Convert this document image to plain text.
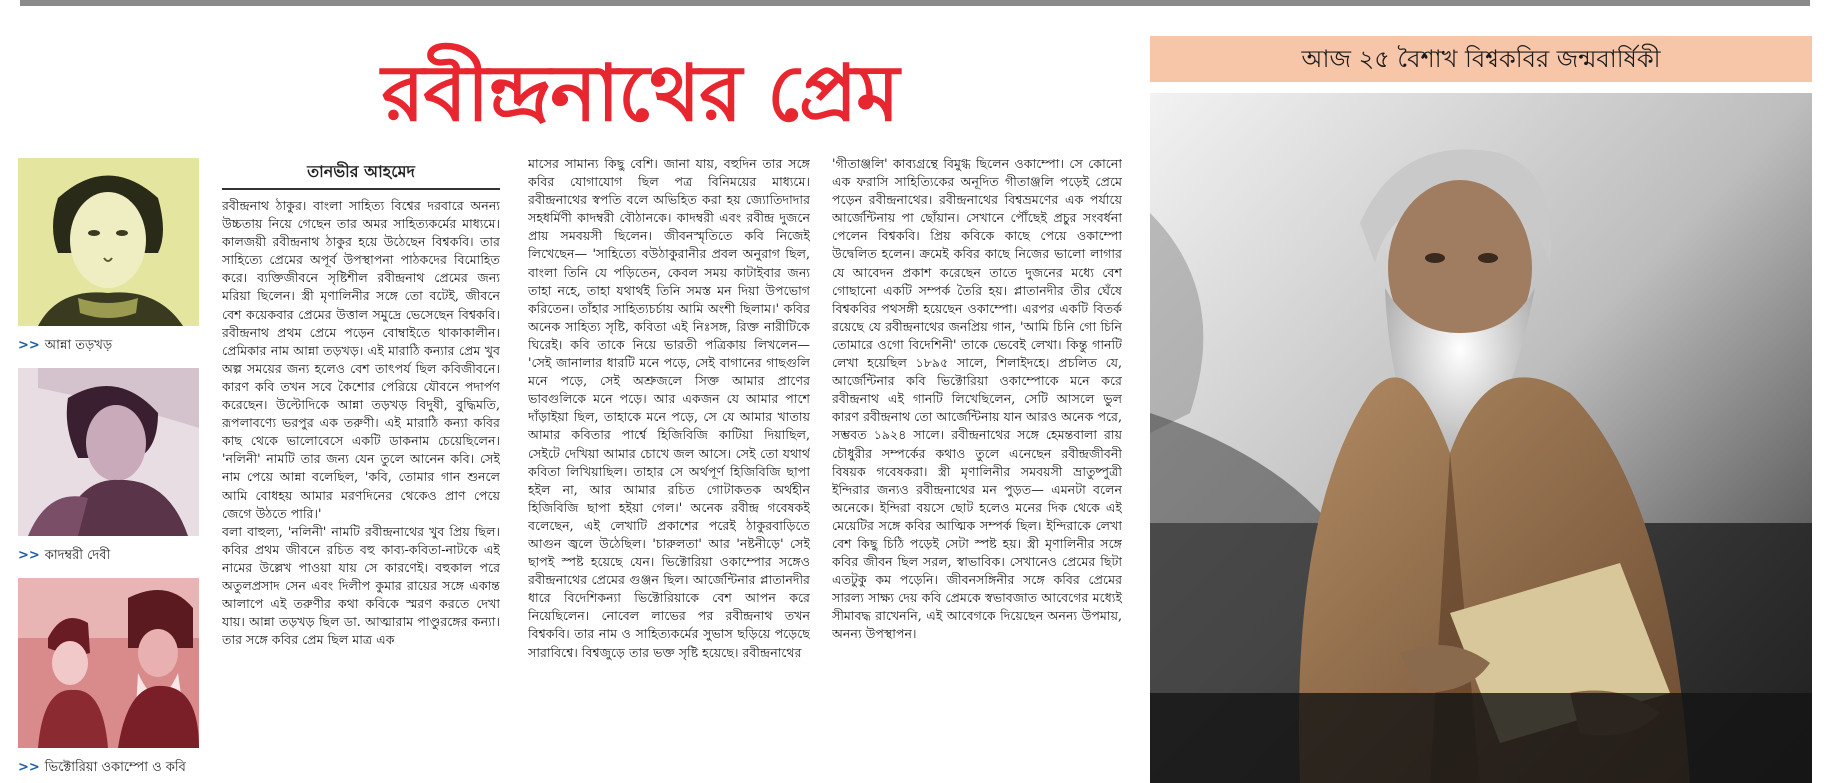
রবীন্দ্রনাথের প্রেম
>> আন্না তড়খড়
>> কাদম্বরী দেবী
>> ভিক্টোরিয়া ওকাম্পো ও কবি
তানভীর আহমেদ

রবীন্দ্রনাথ ঠাকুর। বাংলা সাহিত্য বিশ্বের দরবারে অনন্য উচ্চতায় নিয়ে গেছেন তার অমর সাহিত্যকর্মের মাধ্যমে। কালজয়ী রবীন্দ্রনাথ ঠাকুর হয়ে উঠেছেন বিশ্বকবি। তার সাহিত্যে প্রেমের অপূর্ব উপস্থাপনা পাঠকদের বিমোহিত করে। ব্যক্তিজীবনে সৃষ্টিশীল রবীন্দ্রনাথ প্রেমের জন্য মরিয়া ছিলেন। স্ত্রী মৃণালিনীর সঙ্গে তো বটেই, জীবনে বেশ কয়েকবার প্রেমের উত্তাল সমুদ্রে ভেসেছেন বিশ্বকবি। রবীন্দ্রনাথ প্রথম প্রেমে পড়েন বোম্বাইতে থাকাকালীন। প্রেমিকার নাম আন্না তড়খড়। এই মারাঠি কন্যার প্রেম খুব অল্প সময়ের জন্য হলেও বেশ তাৎপর্য ছিল কবিজীবনে। কারণ কবি তখন সবে কৈশোর পেরিয়ে যৌবনে পদার্পণ করেছেন। উল্টোদিকে আন্না তড়খড় বিদুষী, বুদ্ধিমতি, রূপলাবণ্যে ভরপুর এক তরুণী। এই মারাঠি কন্যা কবির কাছ থেকে ভালোবেসে একটি ডাকনাম চেয়েছিলেন। 'নলিনী' নামটি তার জন্য যেন তুলে আনেন কবি। সেই নাম পেয়ে আন্না বলেছিল, 'কবি, তোমার গান শুনলে আমি বোধহয় আমার মরণদিনের থেকেও প্রাণ পেয়ে জেগে উঠতে পারি।'

বলা বাহুল্য, 'নলিনী' নামটি রবীন্দ্রনাথের খুব প্রিয় ছিল। কবির প্রথম জীবনে রচিত বহু কাব্য-কবিতা-নাটকে এই নামের উল্লেখ পাওয়া যায় সে কারণেই। বহুকাল পরে অতুলপ্রসাদ সেন এবং দিলীপ কুমার রায়ের সঙ্গে একান্ত আলাপে এই তরুণীর কথা কবিকে স্মরণ করতে দেখা যায়। আন্না তড়খড় ছিল ডা. আত্মারাম পাণ্ডুরঙ্গের কন্যা। তার সঙ্গে কবির প্রেম ছিল মাত্র এক

মাসের সামান্য কিছু বেশি। জানা যায়, বহুদিন তার সঙ্গে কবির যোগাযোগ ছিল পত্র বিনিময়ের মাধ্যমে। রবীন্দ্রনাথের স্বপতি বলে অভিহিত করা হয় জ্যোতিদাদার সহধর্মিণী কাদম্বরী বৌঠানকে। কাদম্বরী এবং রবীন্দ্র দুজনে প্রায় সমবয়সী ছিলেন। জীবনস্মৃতিতে কবি নিজেই লিখেছেন— 'সাহিত্যে বউঠাকুরানীর প্রবল অনুরাগ ছিল, বাংলা তিনি যে পড়িতেন, কেবল সময় কাটাইবার জন্য তাহা নহে, তাহা যথার্থই তিনি সমস্ত মন দিয়া উপভোগ করিতেন। তাঁহার সাহিত্যচর্চায় আমি অংশী ছিলাম।' কবির অনেক সাহিত্য সৃষ্টি, কবিতা এই নিঃসঙ্গ, রিক্ত নারীটিকে ঘিরেই। কবি তাকে নিয়ে ভারতী পত্রিকায় লিখলেন— 'সেই জানালার ধারটি মনে পড়ে, সেই বাগানের গাছগুলি মনে পড়ে, সেই অশ্রুজলে সিক্ত আমার প্রাণের ভাবগুলিকে মনে পড়ে। আর একজন যে আমার পাশে দাঁড়াইয়া ছিল, তাহাকে মনে পড়ে, সে যে আমার খাতায় আমার কবিতার পার্শ্বে হিজিবিজি কাটিয়া দিয়াছিল, সেইটে দেখিয়া আমার চোখে জল আসে। সেই তো যথার্থ কবিতা লিখিয়াছিল। তাহার সে অর্থপূর্ণ হিজিবিজি ছাপা হইল না, আর আমার রচিত গোটাকতক অর্থহীন হিজিবিজি ছাপা হইয়া গেল।' অনেক রবীন্দ্র গবেষকই বলেছেন, এই লেখাটি প্রকাশের পরেই ঠাকুরবাড়িতে আগুন জ্বলে উঠেছিল। 'চারুলতা' আর 'নষ্টনীড়ে' সেই ছাপই স্পষ্ট হয়েছে যেন। ভিক্টোরিয়া ওকাম্পোর সঙ্গেও রবীন্দ্রনাথের প্রেমের গুঞ্জন ছিল। আর্জেন্টিনার প্লাতানদীর ধারে বিদেশিকন্যা ভিক্টোরিয়াকে বেশ আপন করে নিয়েছিলেন। নোবেল লাভের পর রবীন্দ্রনাথ তখন বিশ্বকবি। তার নাম ও সাহিত্যকর্মের সুভাস ছড়িয়ে পড়েছে সারাবিশ্বে। বিশ্বজুড়ে তার ভক্ত সৃষ্টি হয়েছে। রবীন্দ্রনাথের

'গীতাঞ্জলি' কাব্যগ্রন্থে বিমুগ্ধ ছিলেন ওকাম্পো। সে কোনো এক ফরাসি সাহিত্যিকের অনূদিত গীতাঞ্জলি পড়েই প্রেমে পড়েন রবীন্দ্রনাথের। রবীন্দ্রনাথের বিশ্বভ্রমণের এক পর্যায়ে আর্জেন্টিনায় পা ছোঁয়ান। সেখানে পৌঁছেই প্রচুর সংবর্ধনা পেলেন বিশ্বকবি। প্রিয় কবিকে কাছে পেয়ে ওকাম্পো উদ্বেলিত হলেন। ক্রমেই কবির কাছে নিজের ভালো লাগার যে আবেদন প্রকাশ করেছেন তাতে দুজনের মধ্যে বেশ গোছানো একটি সম্পর্ক তৈরি হয়। প্লাতানদীর তীর ঘেঁষে বিশ্বকবির পথসঙ্গী হয়েছেন ওকাম্পো। এরপর একটি বিতর্ক রয়েছে যে রবীন্দ্রনাথের জনপ্রিয় গান, 'আমি চিনি গো চিনি তোমারে ওগো বিদেশিনী' তাকে ভেবেই লেখা। কিন্তু গানটি লেখা হয়েছিল ১৮৯৫ সালে, শিলাইদহে। প্রচলিত যে, আর্জেন্টিনার কবি ভিক্টোরিয়া ওকাম্পোকে মনে করে রবীন্দ্রনাথ এই গানটি লিখেছিলেন, সেটি আসলে ভুল কারণ রবীন্দ্রনাথ তো আর্জেন্টিনায় যান আরও অনেক পরে, সম্ভবত ১৯২৪ সালে। রবীন্দ্রনাথের সঙ্গে হেমন্তবালা রায় চৌধুরীর সম্পর্কের কথাও তুলে এনেছেন রবীন্দ্রজীবনী বিষয়ক গবেষকরা। স্ত্রী মৃণালিনীর সমবয়সী ভ্রাতুষ্পুত্রী ইন্দিরার জন্যও রবীন্দ্রনাথের মন পুড়ত— এমনটা বলেন অনেকে। ইন্দিরা বয়সে ছোট হলেও মনের দিক থেকে এই মেয়েটির সঙ্গে কবির আত্মিক সম্পর্ক ছিল। ইন্দিরাকে লেখা বেশ কিছু চিঠি পড়েই সেটা স্পষ্ট হয়। স্ত্রী মৃণালিনীর সঙ্গে কবির জীবন ছিল সরল, স্বাভাবিক। সেখানেও প্রেমের ছিটা এতটুকু কম পড়েনি। জীবনসঙ্গিনীর সঙ্গে কবির প্রেমের সারল্য সাক্ষ্য দেয় কবি প্রেমকে স্বভাবজাত আবেগের মধ্যেই সীমাবদ্ধ রাখেননি, এই আবেগকে দিয়েছেন অনন্য উপমায়, অনন্য উপস্থাপন।

আজ ২৫ বৈশাখ বিশ্বকবির জন্মবার্ষিকী
